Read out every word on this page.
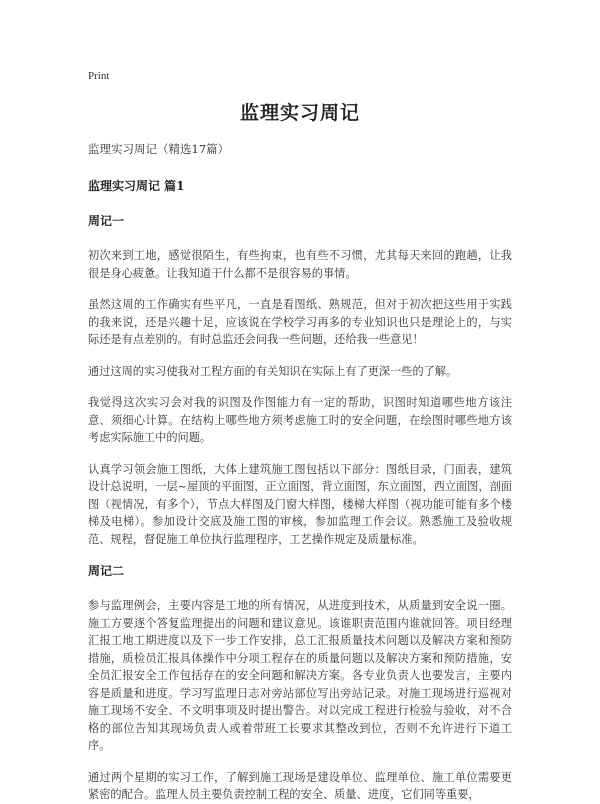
Print
监理实习周记

监理实习周记（精选17篇）

监理实习周记 篇1
周记一

初次来到工地，感觉很陌生，有些拘束，也有些不习惯，尤其每天来回的跑趟，让我很是身心疲惫。让我知道干什么都不是很容易的事情。

虽然这周的工作确实有些平凡，一直是看图纸、熟规范，但对于初次把这些用于实践的我来说，还是兴趣十足，应该说在学校学习再多的专业知识也只是理论上的，与实际还是有点差别的。有时总监还会问我一些问题，还给我一些意见！

通过这周的实习使我对工程方面的有关知识在实际上有了更深一些的了解。

我觉得这次实习会对我的识图及作图能力有一定的帮助，识图时知道哪些地方该注意、须细心计算。在结构上哪些地方须考虑施工时的安全问题，在绘图时哪些地方该考虑实际施工中的问题。

认真学习领会施工图纸，大体上建筑施工图包括以下部分：图纸目录，门面表，建筑设计总说明，一层~屋顶的平面图，正立面图，背立面图，东立面图，西立面图，剖面图（视情况，有多个），节点大样图及门窗大样图，楼梯大样图（视功能可能有多个楼梯及电梯）。参加设计交底及施工图的审核，参加监理工作会议。熟悉施工及验收规范、规程，督促施工单位执行监理程序，工艺操作规定及质量标准。

周记二

参与监理例会，主要内容是工地的所有情况，从进度到技术，从质量到安全说一圈。施工方要逐个答复监理提出的问题和建议意见。该谁职责范围内谁就回答。项目经理汇报工地工期进度以及下一步工作安排，总工汇报质量技术问题以及解决方案和预防措施，质检员汇报具体操作中分项工程存在的质量问题以及解决方案和预防措施，安全员汇报安全工作包括存在的安全问题和解决方案。各专业负责人也要发言，主要内容是质量和进度。学习写监理日志对旁站部位写出旁站记录。对施工现场进行巡视对施工现场不安全、不文明事项及时提出警告。对以完成工程进行检验与验收，对不合格的部位告知其现场负责人或着带班工长要求其整改到位，否则不允许进行下道工序。

通过两个星期的实习工作，了解到施工现场是建设单位、监理单位、施工单位需要更紧密的配合。监理人员主要负责控制工程的安全、质量、进度，它们同等重要，
